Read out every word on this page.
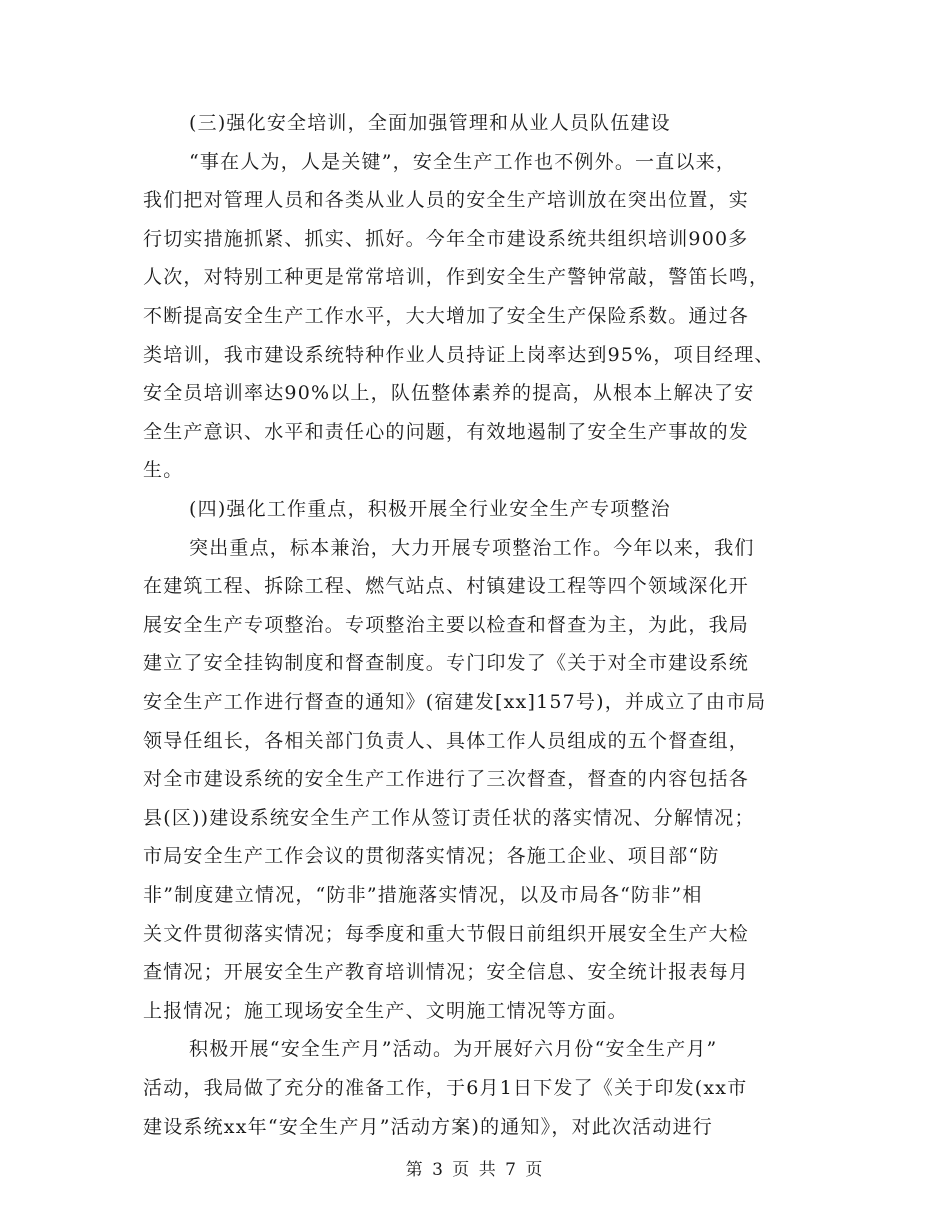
(三)强化安全培训，全面加强管理和从业人员队伍建设
“事在人为，人是关键”，安全生产工作也不例外。一直以来，
我们把对管理人员和各类从业人员的安全生产培训放在突出位置，实
行切实措施抓紧、抓实、抓好。今年全市建设系统共组织培训900多
人次，对特别工种更是常常培训，作到安全生产警钟常敲，警笛长鸣，
不断提高安全生产工作水平，大大增加了安全生产保险系数。通过各
类培训，我市建设系统特种作业人员持证上岗率达到95%，项目经理、
安全员培训率达90%以上，队伍整体素养的提高，从根本上解决了安
全生产意识、水平和责任心的问题，有效地遏制了安全生产事故的发
生。
(四)强化工作重点，积极开展全行业安全生产专项整治
突出重点，标本兼治，大力开展专项整治工作。今年以来，我们
在建筑工程、拆除工程、燃气站点、村镇建设工程等四个领域深化开
展安全生产专项整治。专项整治主要以检查和督查为主，为此，我局
建立了安全挂钩制度和督查制度。专门印发了《关于对全市建设系统
安全生产工作进行督查的通知》(宿建发[xx]157号)，并成立了由市局
领导任组长，各相关部门负责人、具体工作人员组成的五个督查组，
对全市建设系统的安全生产工作进行了三次督查，督查的内容包括各
县(区))建设系统安全生产工作从签订责任状的落实情况、分解情况；
市局安全生产工作会议的贯彻落实情况；各施工企业、项目部“防
非”制度建立情况，“防非”措施落实情况，以及市局各“防非”相
关文件贯彻落实情况；每季度和重大节假日前组织开展安全生产大检
查情况；开展安全生产教育培训情况；安全信息、安全统计报表每月
上报情况；施工现场安全生产、文明施工情况等方面。
积极开展“安全生产月”活动。为开展好六月份“安全生产月”
活动，我局做了充分的准备工作，于6月1日下发了《关于印发(xx市
建设系统xx年“安全生产月”活动方案)的通知》，对此次活动进行
第 3 页 共 7 页
